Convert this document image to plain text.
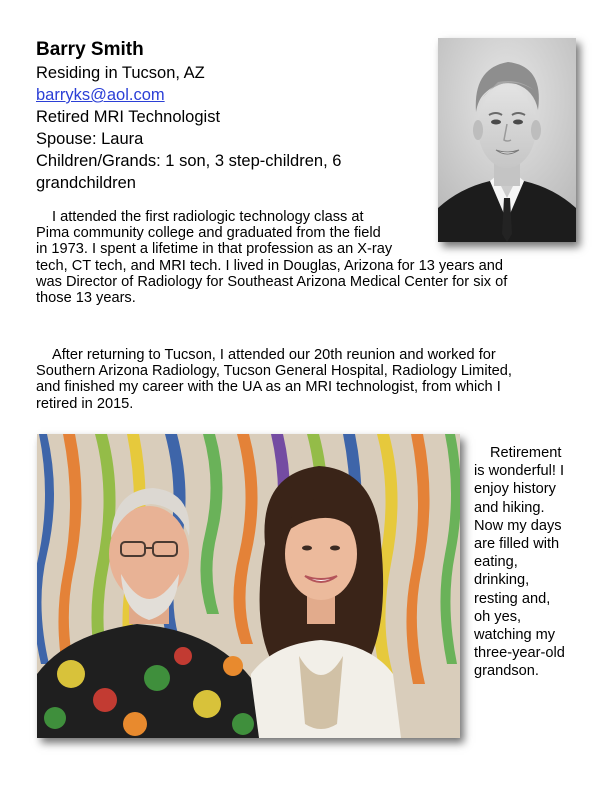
Barry Smith
Residing in Tucson, AZ
barryks@aol.com
Retired MRI Technologist
Spouse: Laura
Children/Grands: 1 son, 3 step-children, 6 grandchildren

I attended the first radiologic technology class at
Pima community college and graduated from the field
in 1973. I spent a lifetime in that profession as an X-ray
tech, CT tech, and MRI tech. I lived in Douglas, Arizona for 13 years and
was Director of Radiology for Southeast Arizona Medical Center for six of
those 13 years.

After returning to Tucson, I attended our 20th reunion and worked for
Southern Arizona Radiology, Tucson General Hospital, Radiology Limited,
and finished my career with the UA as an MRI technologist, from which I
retired in 2015.

Retirement
is wonderful! I
enjoy history
and hiking.
Now my days
are filled with
eating,
drinking,
resting and,
oh yes,
watching my
three-year-old
grandson.
